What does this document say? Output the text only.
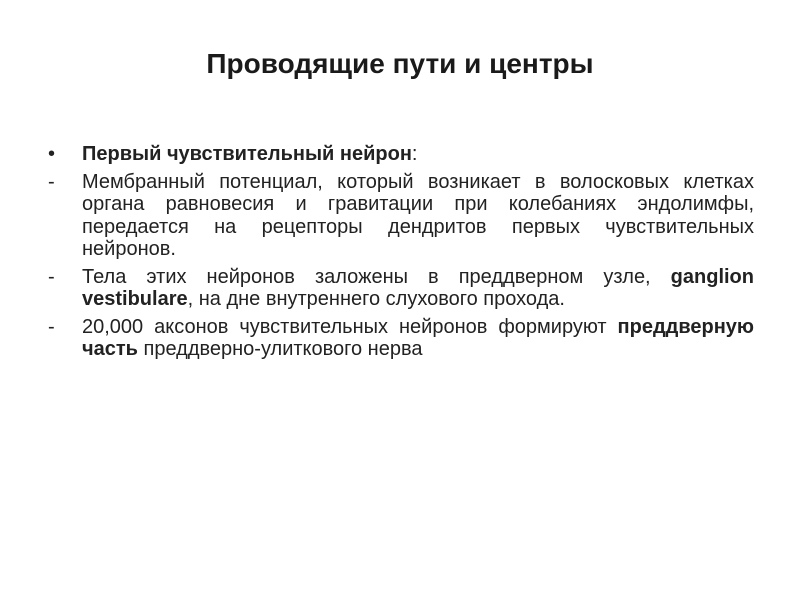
Проводящие пути и центры
•	Первый чувствительный нейрон:
-	Мембранный потенциал, который возникает в волосковых клетках органа равновесия и гравитации при колебаниях эндолимфы, передается на рецепторы дендритов первых чувствительных нейронов.
-	Тела этих нейронов заложены в преддверном узле, ganglion vestibulare, на дне внутреннего слухового прохода.
-	20,000 аксонов чувствительных нейронов формируют преддверную часть преддверно-улиткового нерва
